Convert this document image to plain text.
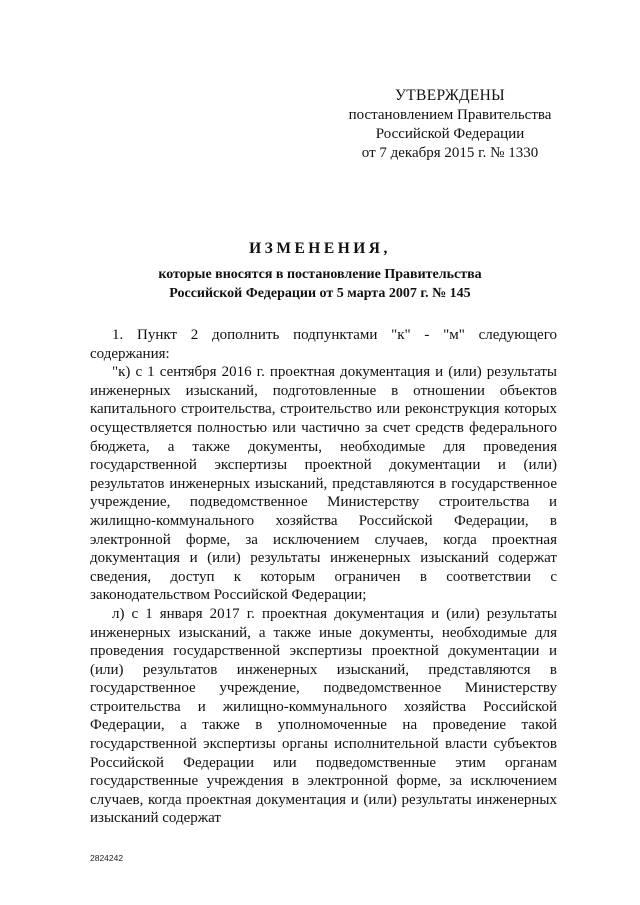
УТВЕРЖДЕНЫ
постановлением Правительства
Российской Федерации
от 7 декабря 2015 г. № 1330
ИЗМЕНЕНИЯ,
которые вносятся в постановление Правительства
Российской Федерации от 5 марта 2007 г. № 145

1. Пункт 2 дополнить подпунктами "к" - "м" следующего содержания:

"к) с 1 сентября 2016 г. проектная документация и (или) результаты инженерных изысканий, подготовленные в отношении объектов капитального строительства, строительство или реконструкция которых осуществляется полностью или частично за счет средств федерального бюджета, а также документы, необходимые для проведения государственной экспертизы проектной документации и (или) результатов инженерных изысканий, представляются в государственное учреждение, подведомственное Министерству строительства и жилищно-коммунального хозяйства Российской Федерации, в электронной форме, за исключением случаев, когда проектная документация и (или) результаты инженерных изысканий содержат сведения, доступ к которым ограничен в соответствии с законодательством Российской Федерации;

л) с 1 января 2017 г. проектная документация и (или) результаты инженерных изысканий, а также иные документы, необходимые для проведения государственной экспертизы проектной документации и (или) результатов инженерных изысканий, представляются в государственное учреждение, подведомственное Министерству строительства и жилищно-коммунального хозяйства Российской Федерации, а также в уполномоченные на проведение такой государственной экспертизы органы исполнительной власти субъектов Российской Федерации или подведомственные этим органам государственные учреждения в электронной форме, за исключением случаев, когда проектная документация и (или) результаты инженерных изысканий содержат

2824242
